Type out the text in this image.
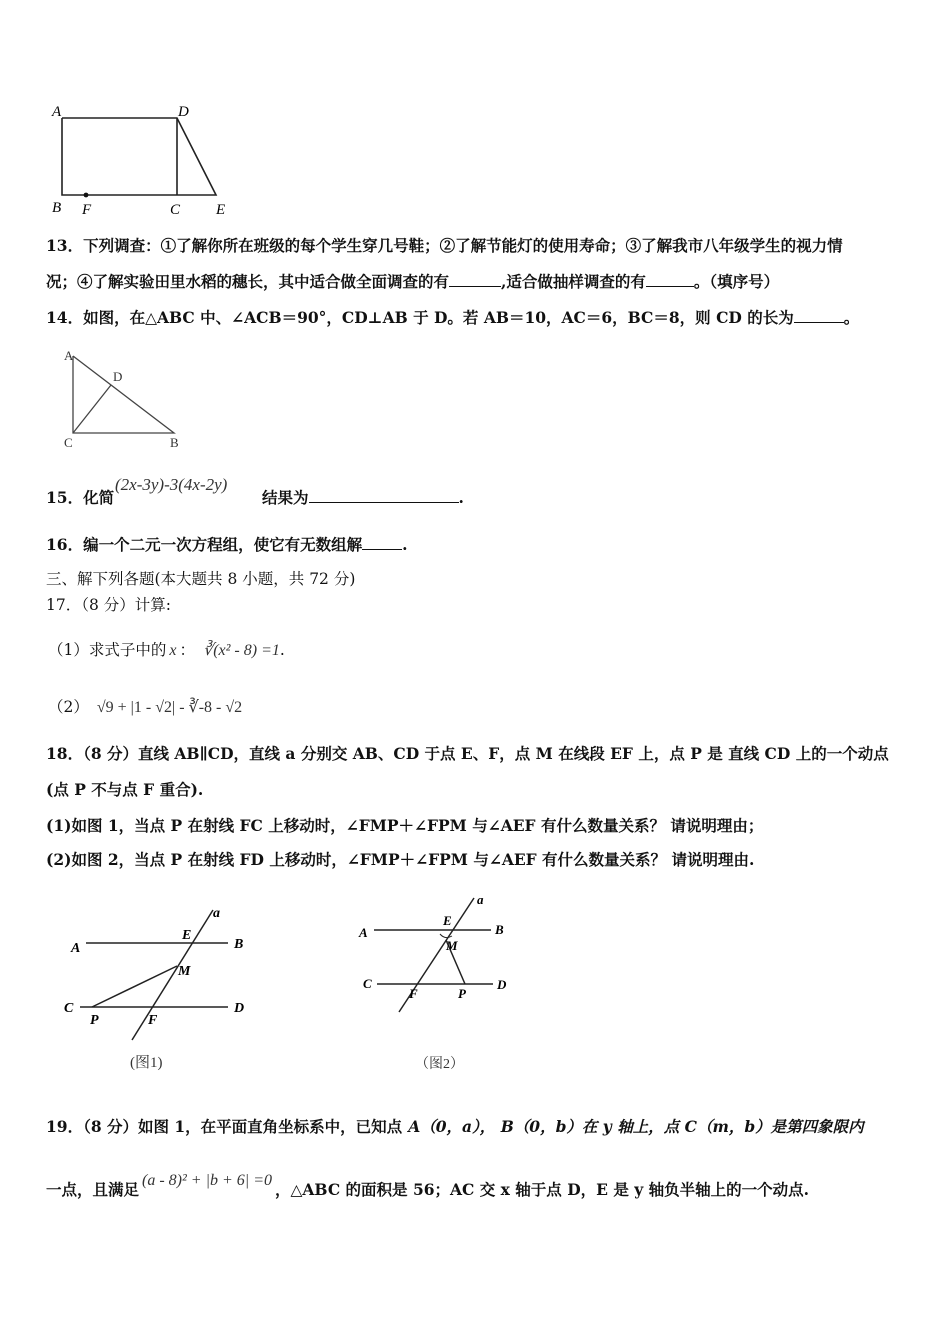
A	D
B F	C E
13．下列调查：①了解你所在班级的每个学生穿几号鞋；②了解节能灯的使用寿命；③了解我市八年级学生的视力情
况；④了解实验田里水稻的穗长，其中适合做全面调查的有	,适合做抽样调查的有	。（填序号）
14．如图，在△ABC 中、∠ACB＝90°，CD⊥AB 于 D。若 AB＝10，AC＝6，BC＝8，则 CD 的长为	。
A
D
C	B
15．化简
(2x-3y)-3(4x-2y)
结果为	.
16．编一个二元一次方程组，使它有无数组解	.
三、解下列各题(本大题共 8 小题，共 72 分)
17．（8 分）计算:
（1）求式子中的 x ： ∛(x² - 8) =1.
（2） √9 + |1 - √2| - ∛-8 - √2
18．（8 分）直线 AB∥CD，直线 a 分别交 AB、CD 于点 E、F，点 M 在线段 EF 上，点 P 是 直线 CD 上的一个动点
(点 P 不与点 F 重合).
(1)如图 1，当点 P 在射线 FC 上移动时，∠FMP＋∠FPM 与∠AEF 有什么数量关系？ 请说明理由；
(2)如图 2，当点 P 在射线 FD 上移动时，∠FMP＋∠FPM 与∠AEF 有什么数量关系？ 请说明理由.
a
E
A	B
M
C
P	F
D
(图1)
a
E
A	B
M
C
F	P
D
（图2）
19．（8 分）如图 1，在平面直角坐标系中，已知点 A（0，a）， B（0，b）在 y 轴上，点 C（m，b）是第四象限内
一点，且满足 (a - 8)² + |b + 6| =0 ，△ABC 的面积是 56；AC 交 x 轴于点 D，E 是 y 轴负半轴上的一个动点.
